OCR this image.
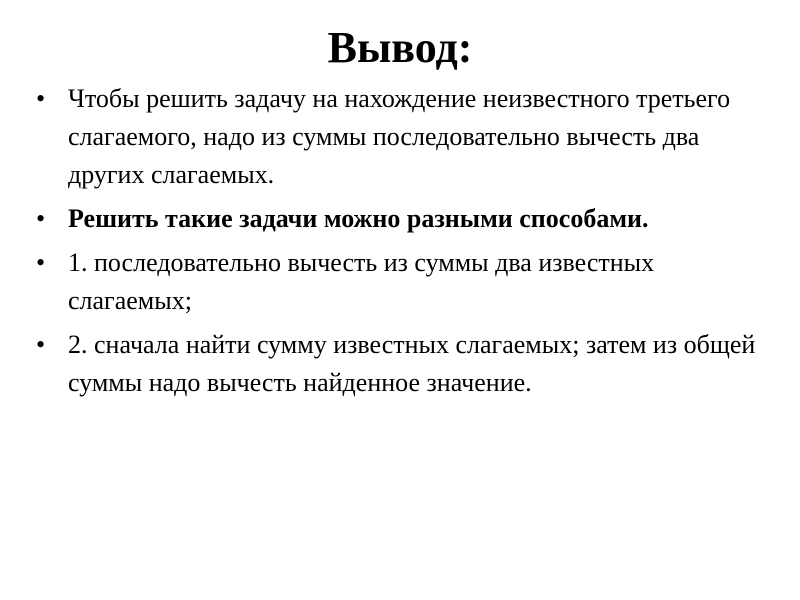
Вывод:
• Чтобы решить задачу на нахождение неизвестного третьего слагаемого, надо из суммы последовательно вычесть два других слагаемых.
• Решить такие задачи можно разными способами.
• 1. последовательно вычесть из суммы два известных слагаемых;
• 2. сначала найти сумму известных слагаемых; затем из общей суммы надо вычесть найденное значение.
